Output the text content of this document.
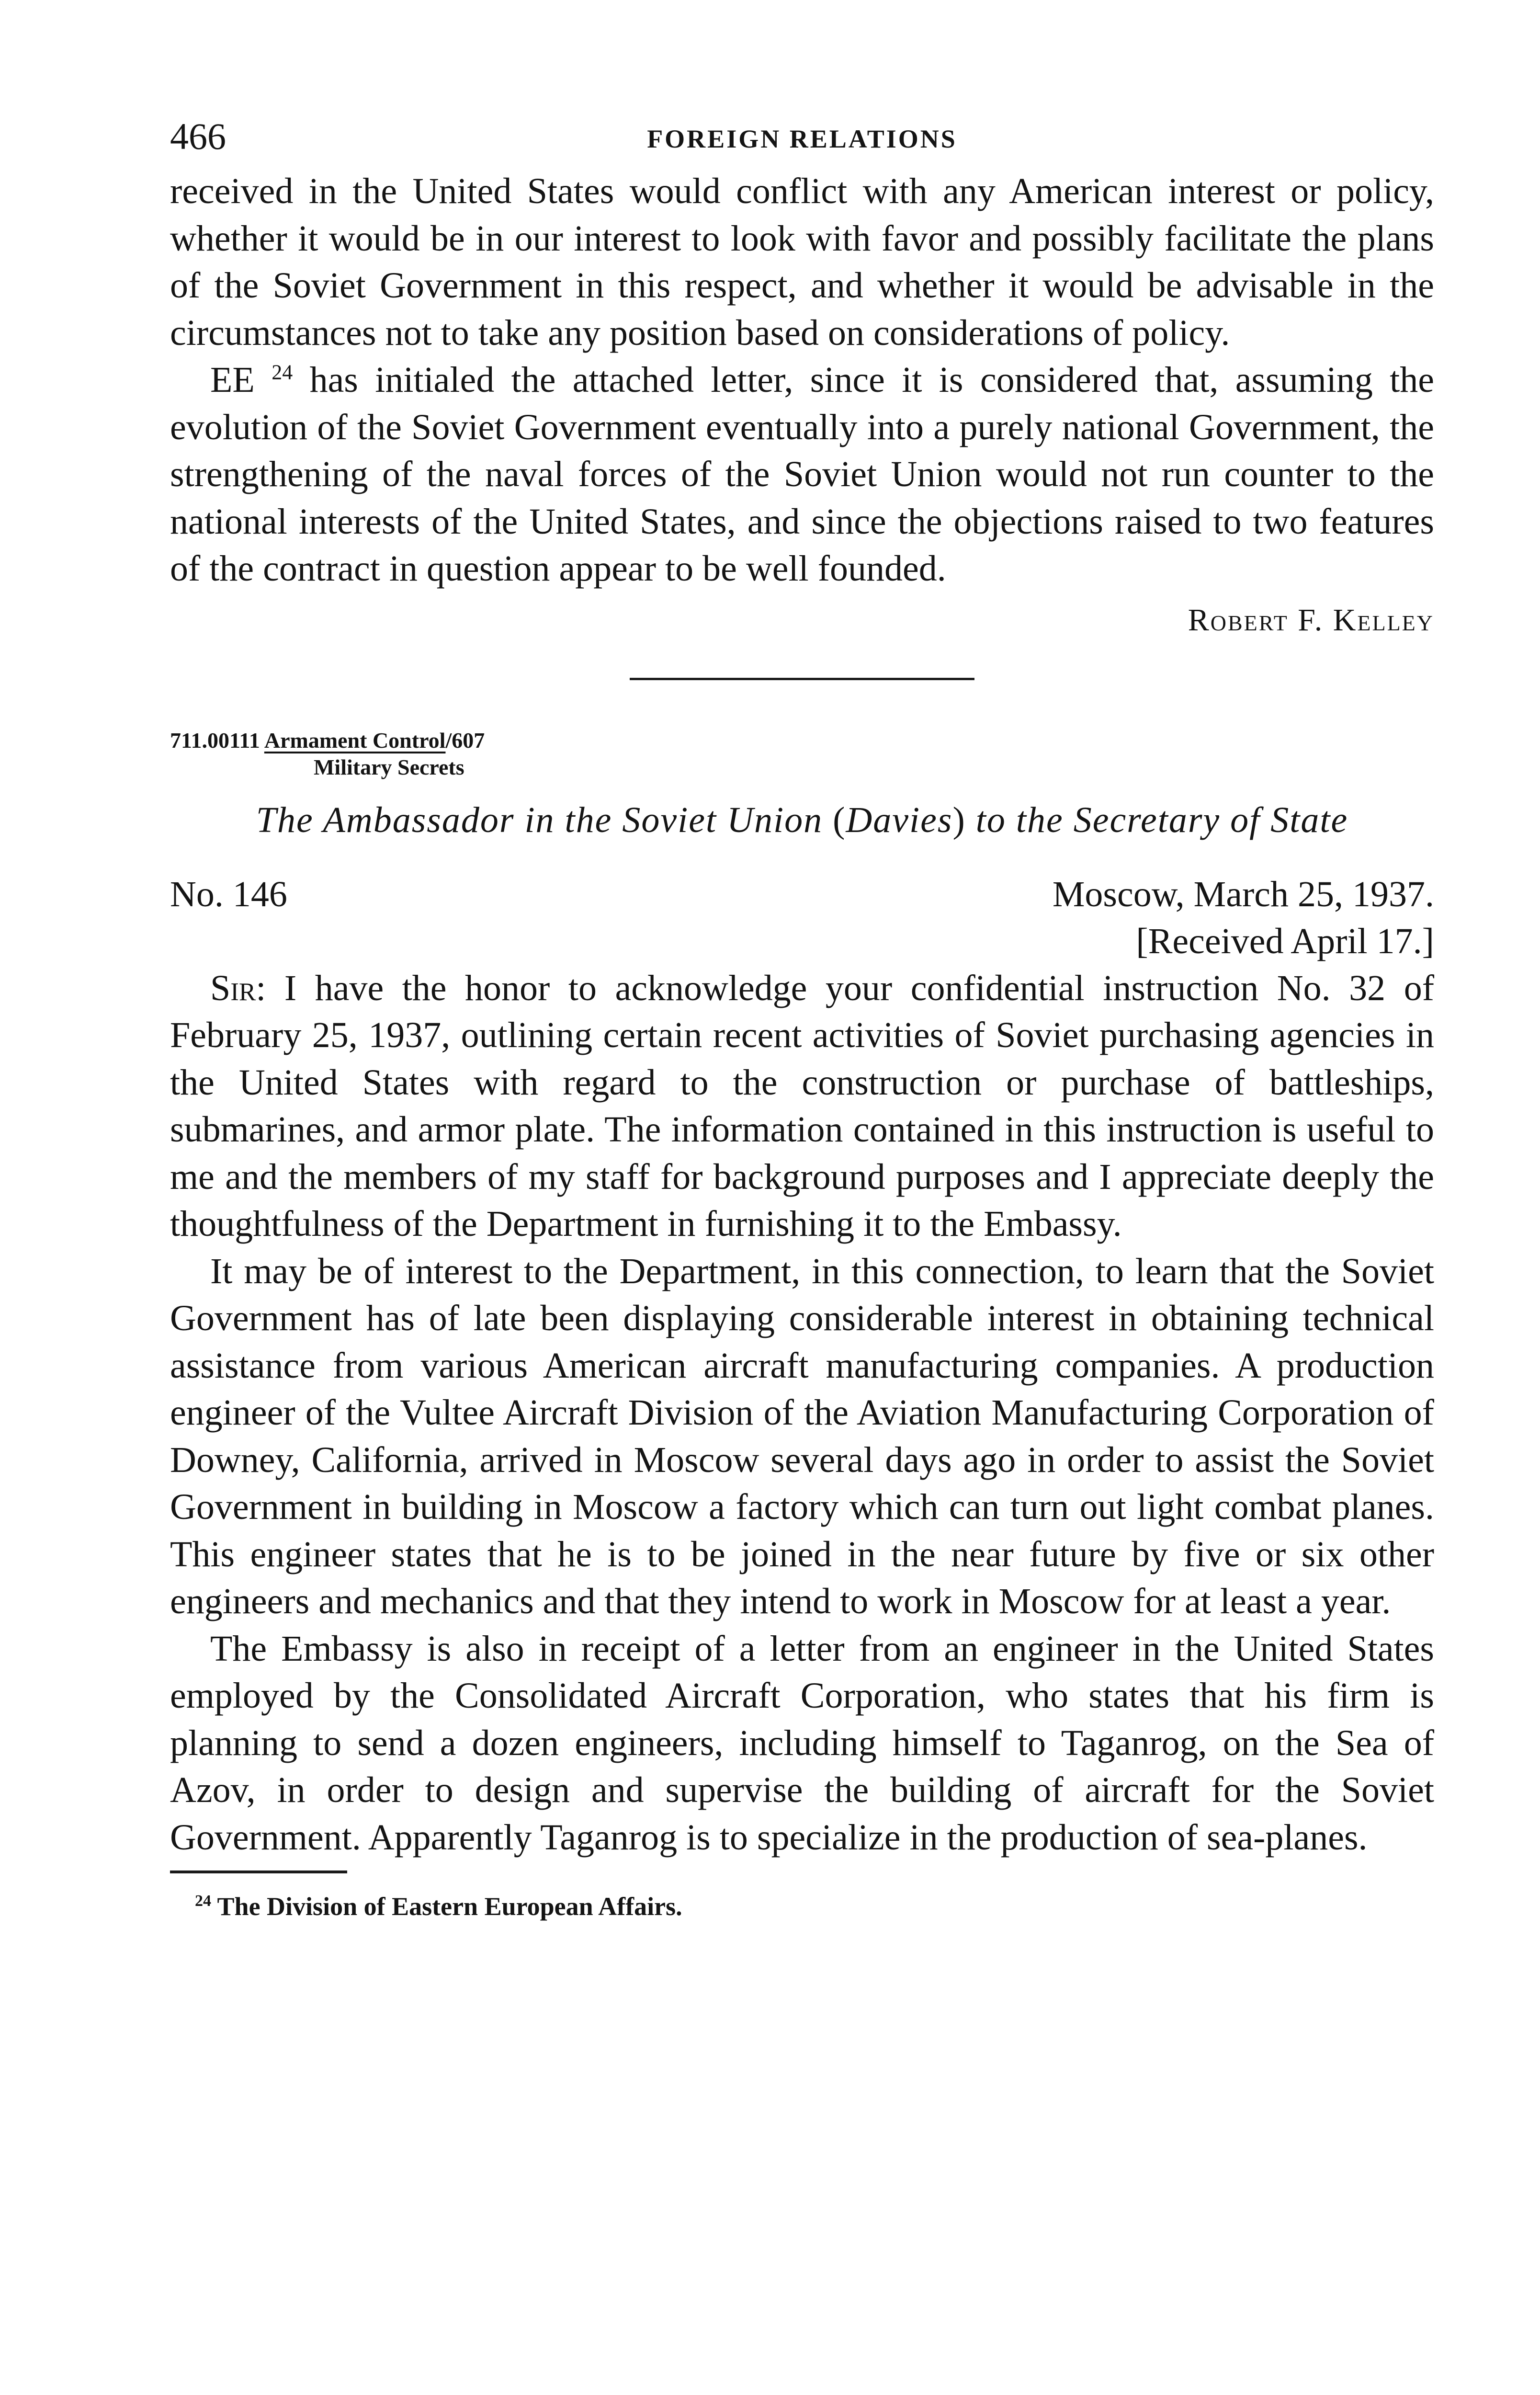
466	FOREIGN RELATIONS

received in the United States would conflict with any American interest or policy, whether it would be in our interest to look with favor and possibly facilitate the plans of the Soviet Government in this respect, and whether it would be advisable in the circumstances not to take any position based on considerations of policy.

EE $^{24}$ has initialed the attached letter, since it is considered that, assuming the evolution of the Soviet Government eventually into a purely national Government, the strengthening of the naval forces of the Soviet Union would not run counter to the national interests of the United States, and since the objections raised to two features of the contract in question appear to be well founded.

Robert F. Kelley
711.00111 Armament Control/607
Military Secrets
The Ambassador in the Soviet Union (Davies) to the Secretary of State
No. 146	Moscow, March 25, 1937.
[Received April 17.]

Sir: I have the honor to acknowledge your confidential instruction No. 32 of February 25, 1937, outlining certain recent activities of Soviet purchasing agencies in the United States with regard to the construction or purchase of battleships, submarines, and armor plate. The information contained in this instruction is useful to me and the members of my staff for background purposes and I appreciate deeply the thoughtfulness of the Department in furnishing it to the Embassy.

It may be of interest to the Department, in this connection, to learn that the Soviet Government has of late been displaying considerable interest in obtaining technical assistance from various American aircraft manufacturing companies. A production engineer of the Vultee Aircraft Division of the Aviation Manufacturing Corporation of Downey, California, arrived in Moscow several days ago in order to assist the Soviet Government in building in Moscow a factory which can turn out light combat planes. This engineer states that he is to be joined in the near future by five or six other engineers and mechanics and that they intend to work in Moscow for at least a year.

The Embassy is also in receipt of a letter from an engineer in the United States employed by the Consolidated Aircraft Corporation, who states that his firm is planning to send a dozen engineers, including himself to Taganrog, on the Sea of Azov, in order to design and supervise the building of aircraft for the Soviet Government. Apparently Taganrog is to specialize in the production of sea-planes.

$^{24}$ The Division of Eastern European Affairs.
